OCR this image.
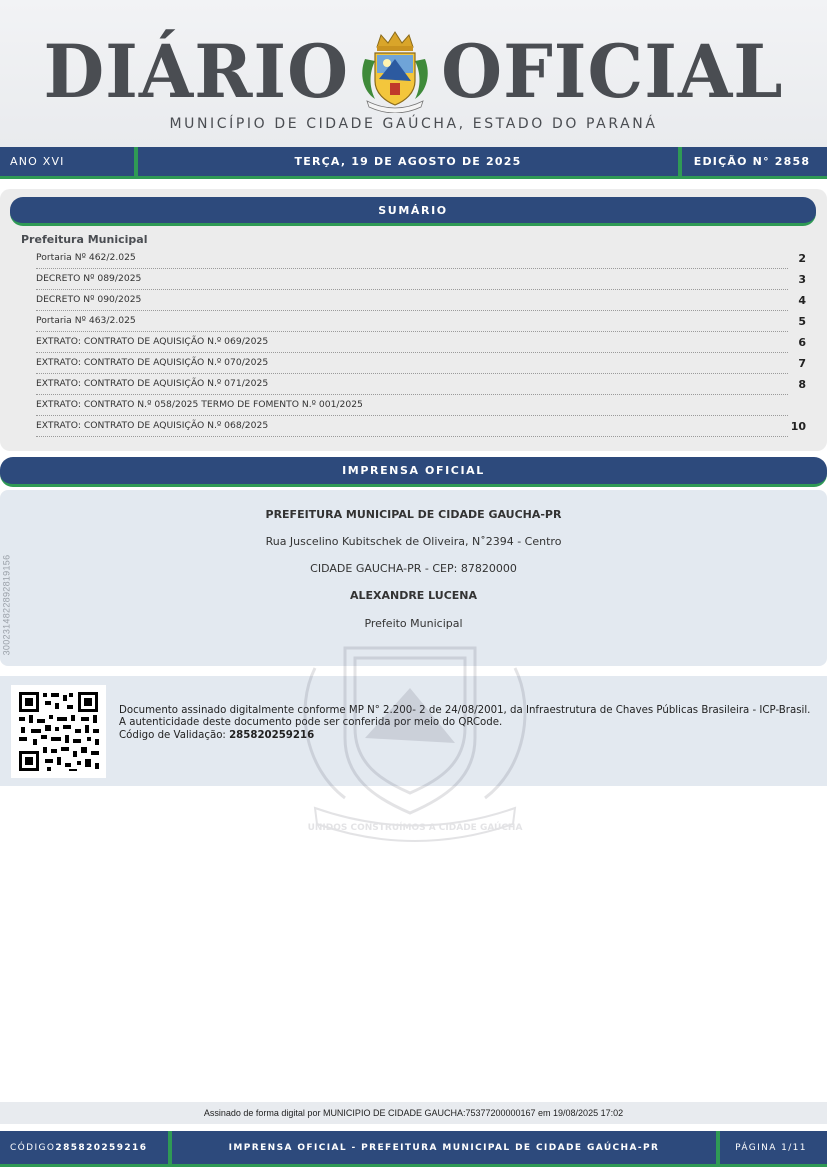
DIÁRIO OFICIAL
MUNICÍPIO DE CIDADE GAÚCHA, ESTADO DO PARANÁ
ANO XVI	TERÇA, 19 DE AGOSTO DE 2025	EDIÇÃO N° 2858
SUMÁRIO
Prefeitura Municipal
Portaria Nº 462/2.025	2
DECRETO Nº 089/2025	3
DECRETO Nº 090/2025	4
Portaria Nº 463/2.025	5
EXTRATO: CONTRATO DE AQUISIÇÃO N.º 069/2025	6
EXTRATO: CONTRATO DE AQUISIÇÃO N.º 070/2025	7
EXTRATO: CONTRATO DE AQUISIÇÃO N.º 071/2025	8
EXTRATO: CONTRATO N.º 058/2025 TERMO DE FOMENTO N.º 001/2025
EXTRATO: CONTRATO DE AQUISIÇÃO N.º 068/2025	10
IMPRENSA OFICIAL
PREFEITURA MUNICIPAL DE CIDADE GAUCHA-PR
Rua Juscelino Kubitschek de Oliveira, N˚2394 - Centro
CIDADE GAUCHA-PR - CEP: 87820000
ALEXANDRE LUCENA
Prefeito Municipal
300231482289281915​6
Documento assinado digitalmente conforme MP N° 2.200- 2 de 24/08/2001, da Infraestrutura de Chaves Públicas Brasileira - ICP-Brasil.
A autenticidade deste documento pode ser conferida por meio do QRCode.
Código de Validação: 285820259216
UNIDOS CONSTRUÍMOS A CIDADE GAÚCHA
Assinado de forma digital por MUNICIPIO DE CIDADE GAUCHA:75377200000167 em 19/08/2025 17:02
CÓDIGO 285820259216	IMPRENSA OFICIAL - PREFEITURA MUNICIPAL DE CIDADE GAÚCHA-PR	PÁGINA 1/11
